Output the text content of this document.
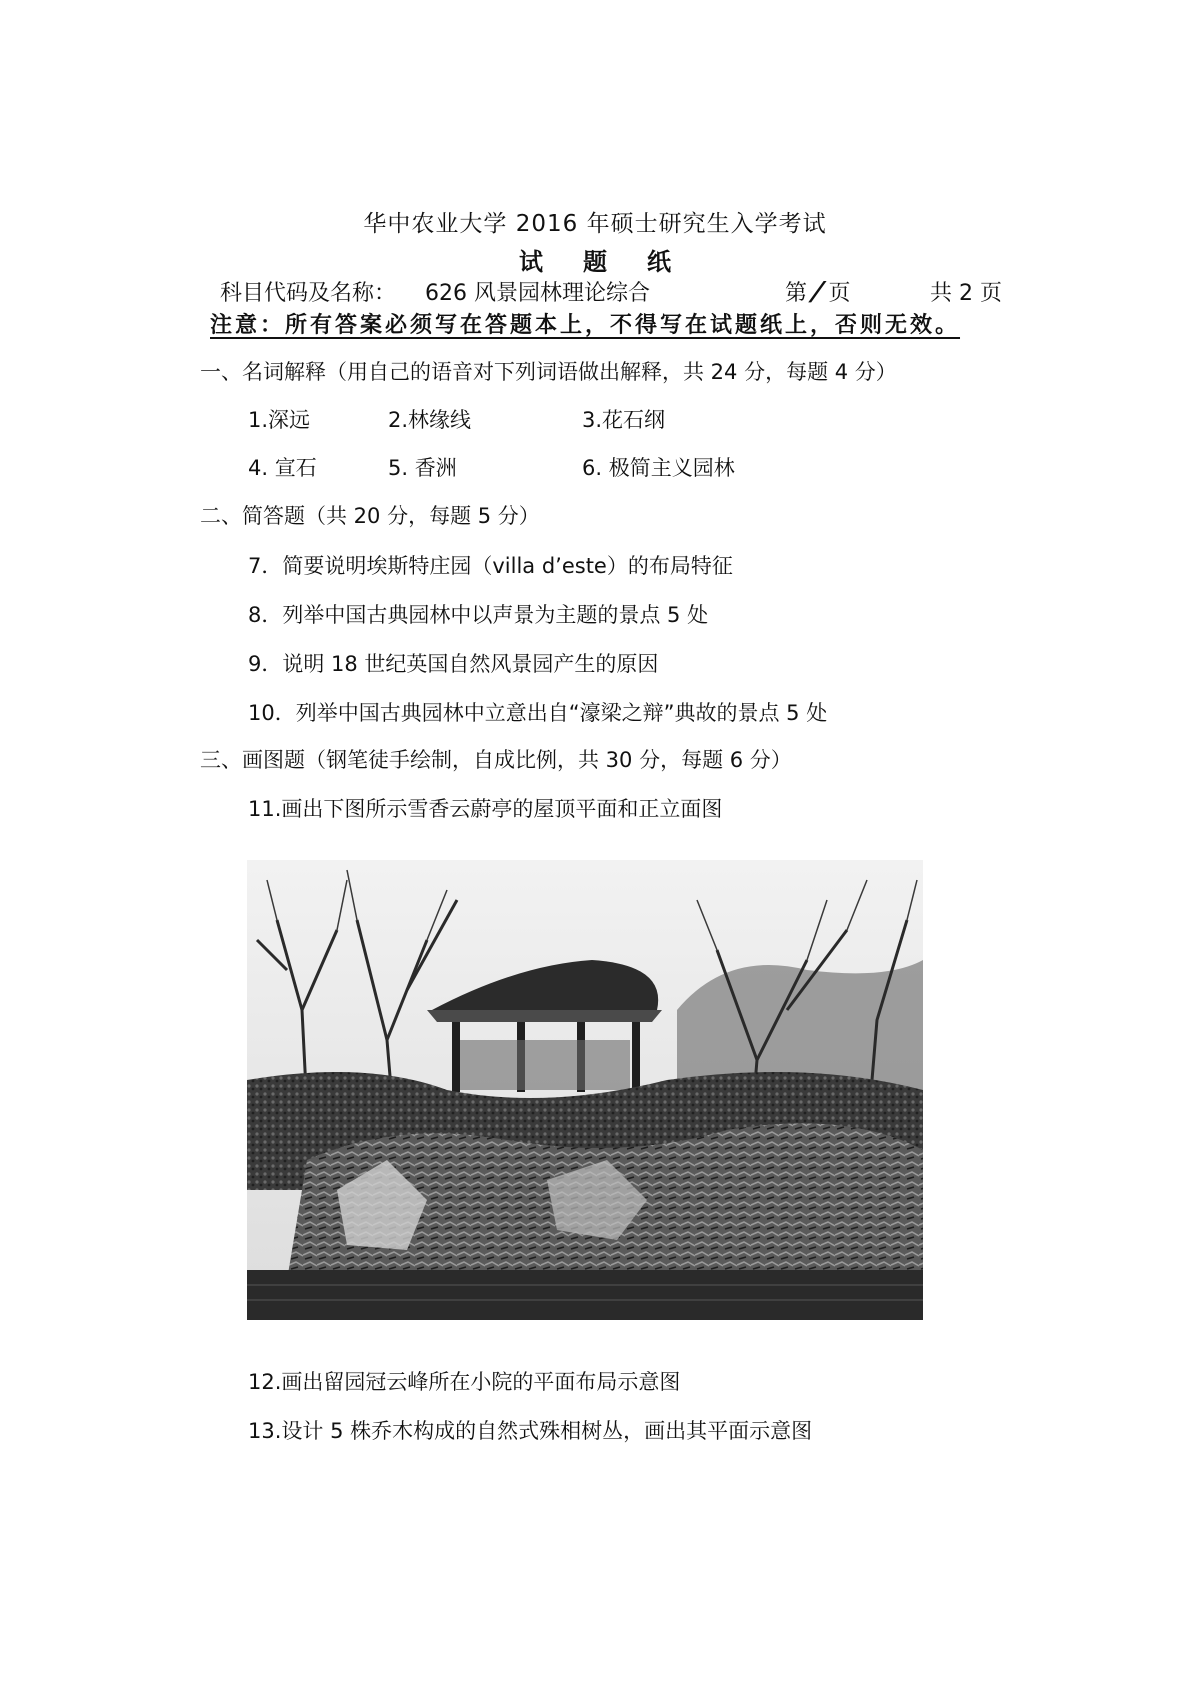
华中农业大学 2016 年硕士研究生入学考试
试题纸
科目代码及名称： 626 风景园林理论综合	第 / 页	共 2 页
注意：所有答案必须写在答题本上，不得写在试题纸上，否则无效。
一、名词解释（用自己的语音对下列词语做出解释，共 24 分，每题 4 分）
1.深远	2.林缘线	3.花石纲
4. 宣石	5. 香洲	6. 极简主义园林
二、简答题（共 20 分，每题 5 分）
7．简要说明埃斯特庄园（villa d’este）的布局特征
8．列举中国古典园林中以声景为主题的景点 5 处
9．说明 18 世纪英国自然风景园产生的原因
10．列举中国古典园林中立意出自“濠梁之辩”典故的景点 5 处
三、画图题（钢笔徒手绘制，自成比例，共 30 分，每题 6 分）
11.画出下图所示雪香云蔚亭的屋顶平面和正立面图
12.画出留园冠云峰所在小院的平面布局示意图
13.设计 5 株乔木构成的自然式殊相树丛，画出其平面示意图
